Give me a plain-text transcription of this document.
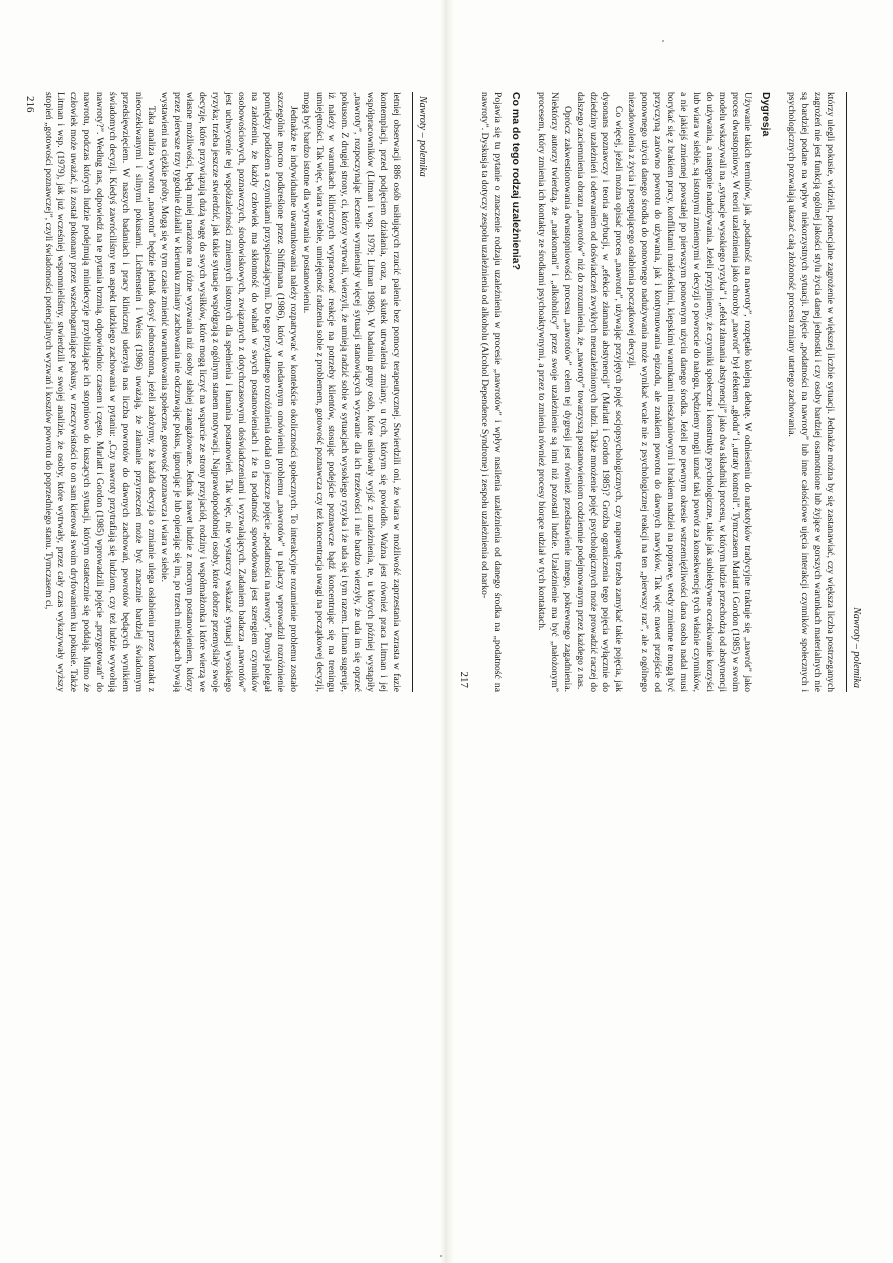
Nawroty – polemika

letniej obserwacji 886 osób usiłujących rzucić palenie bez pomocy terapeutycznej. Stwierdzili oni, że wiara w możliwość zaprzestania wzrasta w fazie kontemplacji, przed podjęciem działania, oraz, na skutek utrwalenia zmiany, u tych, którym się powiodło. Ważna jest również praca Litman i jej współpracowników (Litman i wsp. 1979; Litman 1986). W badaniu grupy osób, które usiłowały wyjść z uzależnienia, te, u których później wystąpiły „nawroty”, rozpoczynając leczenie wymieniały więcej sytuacji stanowiących wyzwanie dla ich trzeźwości i nie bardzo wierzyły, że uda im się oprzeć pokusom. Z drugiej strony, ci, którzy wytrwali, wierzyli, że umieją radzić sobie w sytuacjach wysokiego ryzyka i że uda się i tym razem. Litman sugeruje, iż należy w warunkach klinicznych wypracować reakcje na potrzeby klientów, stosując podejście poznawcze bądź koncentrując się na treningu umiejętności. Tak więc, wiara w siebie, umiejętność radzenia sobie z problemem, gotowość poznawcza czy też koncentracja uwagi na początkowej decyzji, mogą być bardzo istotne dla wytrwania w postanowieniu.

Jednakże te indywidualne uwarunkowania należy rozpatrywać w kontekście okoliczności społecznych. To interakcyjne rozumienie problemu zostało szczególnie mocno podkreślone przez Shiffmana (1986), który w niedawnym omówieniu problemu „nawrotów” u palaczy wprowadził rozróżnienie pomiędzy podłożem a czynnikami przyspieszającymi. Do tego przydatnego rozróżnienia dodał on jeszcze pojęcie „podatności na nawroty”. Pomysł polegał na założeniu, że każdy człowiek ma skłonność do wahań w swych postanowieniach i że ta podatność spowodowana jest szeregiem czynników osobowościowych, poznawczych, środowiskowych, związanych z dotychczasowymi doświadczeniami i wyzwalających. Zadaniem badacza „nawrotów” jest uchwycenie tej współzależności zmiennych istotnych dla spełnienia i łamania postanowień. Tak więc, nie wystarczy wskazać sytuacji wysokiego ryzyka; trzeba jeszcze stwierdzić, jak takie sytuacje współgrają z ogólnym stanem motywacji. Najprawdopodobniej osoby, które dobrze przemyślały swoje decyzje, które przywiązują dużą wagę do swych wysiłków, które mogą liczyć na wsparcie ze strony przyjaciół, rodziny i współmałżonka i które wierzą we własne możliwości, będą mniej narażone na różne wyzwania niż osoby słabiej zaangażowane. Jednak nawet ludzie z mocnym postanowieniem, którzy przez pierwsze trzy tygodnie działali w kierunku zmiany zachowania nie odczuwając pokus, ignorując je lub opierając się im, po trzech miesiącach bywają wystawieni na ciężkie próby. Mogą się w tym czasie zmienić uwarunkowania społeczne, gotowość poznawcza i wiara w siebie.

Taka analiza wywrotu „nawrotu” będzie jednak dosyć jednostronna, jeżeli założymy, że każda decyzja o zmianie ulega osłabieniu przez kontakt z nieoczekiwanymi i silnymi pokusami. Lichtenstein i Weiss (1986) uważają, że złamanie przyrzeczeń może być znacznie bardziej świadomym przedsięwzięciem. W naszych badaniach i pracy klinicznej uderzyła nas liczba powrotów do dawnych zachowań, powrotów będących wynikiem świadomych decyzji. Kiedyś zawróciliśmy ten aspekt ludzkiego zachowania w pytaniu: „Czy nawroty przytrafiają się ludziom, czy też ludzie wywołują nawroty?”. Według nas, odpowiedź na te pytania brzmią, odpowiednio: czasem i często. Marlatt i Gordon (1985) wprowadzili pojęcie „przygotowań” do nawrotu, podczas których ludzie podejmują minidecyzje przybliżające ich stopniowo do kuszących sytuacji, którym ostatecznie się poddają. Mimo że człowiek może uważać, iż został pokonany przez wszechogarniające pokusy, w rzeczywistości to on sam kierował swoim dryfowaniem ku pokusie. Także Litman i wsp. (1979), jak już wcześniej wspomnieliśmy, stwierdzili w swojej analizie, że osoby, które wytrwały, przez cały czas wykazywały wyższy stopień „gotowości poznawczej”, czyli świadomości potencjalnych wyzwań i kosztów powrotu do poprzedniego stanu. Tymczasem ci,

216
Nawroty – polemika

którzy ulegli pokusie, widzieli, potencjalne zagrożenie w większej liczbie sytuacji. Jednakże można by się zastanawiać, czy większa liczba postrzeganych zagrożeń nie jest funkcją ogólnej jakości stylu życia danej jednostki i czy osoby bardziej osamotnione lub żyjące w gorszych warunkach materialnych nie są bardziej podane na wpływ niekorzystnych sytuacji. Pojęcie „podatności na nawroty” lub inne całościowe ujęcia interakcji czynników społecznych i psychologicznych pozwalają ukazać całą złożoność procesu zmiany utartego zachowania.

Dygresja

Używanie takich terminów, jak „podatność na nawroty”, rozpętało kolejną debatę. W odniesieniu do narkotyków tradycyjne traktuje się „nawrót” jako proces dwustopniowy. W teorii uzależnienia jako choroby „nawrót” był efektem „głodu” i „utraty kontroli”. Tymczasem Marlatt i Gordon (1985) w swoim modelu wskazywali na „sytuacje wysokiego ryzyka” i „efekt złamania abstynencji” jako dwa składniki procesu, w którym ludzie przechodzą od abstynencji do używania, a następnie nadużywania. Jeżeli przyjmiemy, że czynniki społeczne i konstrukty psychologiczne, takie jak subiektywne oczekiwanie korzyści lub wiara w siebie, są istotnymi zmiennymi w decyzji o powrocie do nałogu, będziemy mogli uznać taki powrót za konsekwencję tych właśnie czynników, a nie jakiejś zmiennej powstałej po pierwszym ponownym użyciu danego środka. Jeżeli po pewnym okresie wstrzemięźliwości dana osoba nadal musi borykać się z brakiem pracy, konfliktami małżeńskimi, kiepskimi warunkami mieszkaniowymi i brakiem nadziei na poprawę, wtedy zmienne te mogą być przyczyną zarówno powrotu do używania, jak i kontynuowania epizodu, ale znakiem powrotu do dawnych nawyków. Tak więc nawet przejście od ponownego użycia danego środka do ponownego nadużywania może wynikać wcale nie z psychologicznej reakcji na ten „pierwszy raz”, ale z ogólnego niezadowolenia z życia i postępującego osłabienia początkowej decyzji.

Co więcej, jeżeli można opisać proces „nawrotu”, używając przyjętych pojęć socjopsychologicznych, czy naprawdę trzeba zamykać takie pojęcia, jak dysonans poznawczy i teoria atrybucji, w „efekcie złamania abstynencji” (Marlatt i Gordon 1985)? Groźba ograniczenia tego pojęcia wyłącznie do dziedziny uzależnień i oderwaniem od doświadczeń zwykłych meuzależnionych ludzi. Także mnożenie pojęć psychologicznych może prowadzić raczej do dalszego zaciemnienia obrazu „nawrotów” niż do zrozumienia, że „nawroty” towarzyszą postanowieniom codziennie podejmowanym przez każdego z nas.

Oprócz zakwestionowania dwustopniowości procesu „nawrotów” celem tej dygresji jest również przedstawienie innego, pokrewnego zagadnienia. Niektórzy autorzy twierdzą, że „narkomani” i „alkoholicy” przez swoje uzależnienie są inni niż pozostali ludzie. Uzależnienie ma być „nałożonym” procesem, który zmienia ich kontakty ze środkami psychoaktywnymi, a przez to zmienia również procesy biorące udział w tych kontaktach.

Co ma do tego rodzaj uzależnienia?

Pojawia się tu pytanie o znaczenie rodzaju uzależnienia w procesie „nawrotów” i wpływ nasilenia uzależnienia od danego środka na „podatność na nawroty”. Dyskusja ta dotyczy zespołu uzależnienia od alkoholu (Alcohol Dependence Syndrome) i zespołu uzależnienia od narko-

217
